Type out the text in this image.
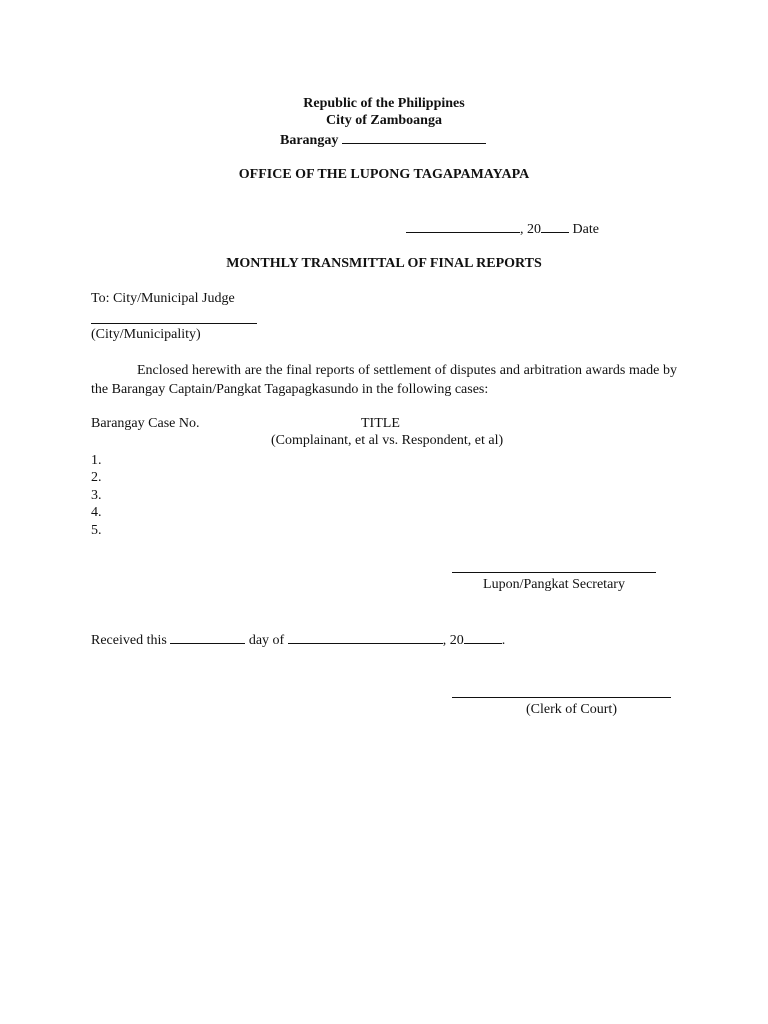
Republic of the Philippines
City of Zamboanga
Barangay
OFFICE OF THE LUPONG TAGAPAMAYAPA
, 20 Date
MONTHLY TRANSMITTAL OF FINAL REPORTS
To: City/Municipal Judge
(City/Municipality)
Enclosed herewith are the final reports of settlement of disputes and arbitration awards made by the Barangay Captain/Pangkat Tagapagkasundo in the following cases:
Barangay Case No.	TITLE
(Complainant, et al vs. Respondent, et al)
1.
2.
3.
4.
5.
Lupon/Pangkat Secretary
Received this	day of	, 20	.
(Clerk of Court)
